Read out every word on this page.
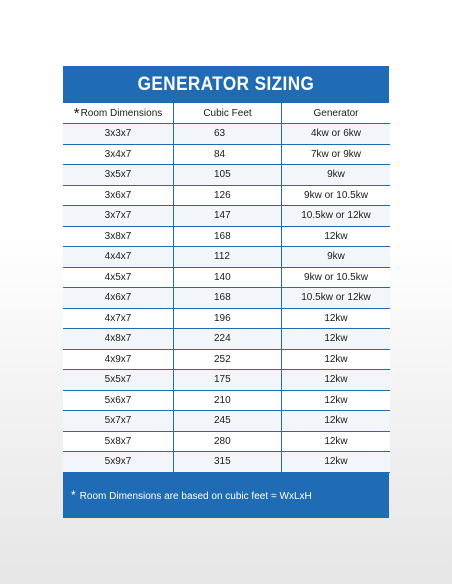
GENERATOR SIZING
*Room Dimensions	Cubic Feet	Generator
3x3x7	63	4kw or 6kw
3x4x7	84	7kw or 9kw
3x5x7	105	9kw
3x6x7	126	9kw or 10.5kw
3x7x7	147	10.5kw or 12kw
3x8x7	168	12kw
4x4x7	112	9kw
4x5x7	140	9kw or 10.5kw
4x6x7	168	10.5kw or 12kw
4x7x7	196	12kw
4x8x7	224	12kw
4x9x7	252	12kw
5x5x7	175	12kw
5x6x7	210	12kw
5x7x7	245	12kw
5x8x7	280	12kw
5x9x7	315	12kw
* Room Dimensions are based on cubic feet = WxLxH
